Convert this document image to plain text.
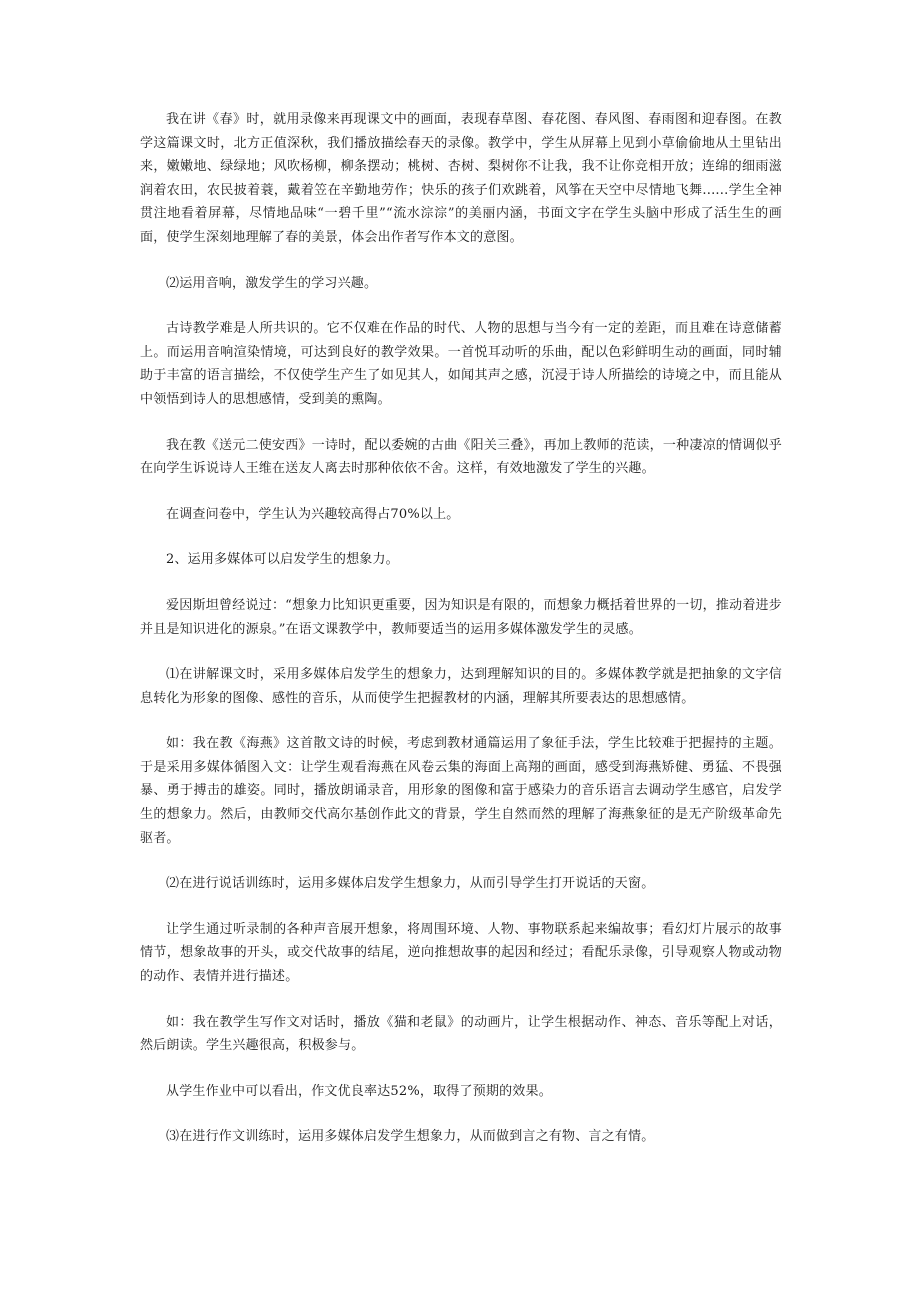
我在讲《春》时，就用录像来再现课文中的画面，表现春草图、春花图、春风图、春雨图和迎春图。在教学这篇课文时，北方正值深秋，我们播放描绘春天的录像。教学中，学生从屏幕上见到小草偷偷地从土里钻出来，嫩嫩地、绿绿地；风吹杨柳，柳条摆动；桃树、杏树、梨树你不让我，我不让你竞相开放；连绵的细雨滋润着农田，农民披着蓑，戴着笠在辛勤地劳作；快乐的孩子们欢跳着，风筝在天空中尽情地飞舞......学生全神贯注地看着屏幕，尽情地品味“一碧千里”“流水淙淙”的美丽内涵，书面文字在学生头脑中形成了活生生的画面，使学生深刻地理解了春的美景，体会出作者写作本文的意图。

⑵运用音响，激发学生的学习兴趣。

古诗教学难是人所共识的。它不仅难在作品的时代、人物的思想与当今有一定的差距，而且难在诗意储蓄上。而运用音响渲染情境，可达到良好的教学效果。一首悦耳动听的乐曲，配以色彩鲜明生动的画面，同时辅助于丰富的语言描绘，不仅使学生产生了如见其人，如闻其声之感，沉浸于诗人所描绘的诗境之中，而且能从中领悟到诗人的思想感情，受到美的熏陶。

我在教《送元二使安西》一诗时，配以委婉的古曲《阳关三叠》，再加上教师的范读，一种凄凉的情调似乎在向学生诉说诗人王维在送友人离去时那种依依不舍。这样，有效地激发了学生的兴趣。

在调查问卷中，学生认为兴趣较高得占70%以上。

2、运用多媒体可以启发学生的想象力。

爱因斯坦曾经说过：“想象力比知识更重要，因为知识是有限的，而想象力概括着世界的一切，推动着进步并且是知识进化的源泉。”在语文课教学中，教师要适当的运用多媒体激发学生的灵感。

⑴在讲解课文时，采用多媒体启发学生的想象力，达到理解知识的目的。多媒体教学就是把抽象的文字信息转化为形象的图像、感性的音乐，从而使学生把握教材的内涵，理解其所要表达的思想感情。

如：我在教《海燕》这首散文诗的时候，考虑到教材通篇运用了象征手法，学生比较难于把握持的主题。于是采用多媒体循图入文：让学生观看海燕在风卷云集的海面上高翔的画面，感受到海燕矫健、勇猛、不畏强暴、勇于搏击的雄姿。同时，播放朗诵录音，用形象的图像和富于感染力的音乐语言去调动学生感官，启发学生的想象力。然后，由教师交代高尔基创作此文的背景，学生自然而然的理解了海燕象征的是无产阶级革命先驱者。

⑵在进行说话训练时，运用多媒体启发学生想象力，从而引导学生打开说话的天窗。

让学生通过听录制的各种声音展开想象，将周围环境、人物、事物联系起来编故事；看幻灯片展示的故事情节，想象故事的开头，或交代故事的结尾，逆向推想故事的起因和经过；看配乐录像，引导观察人物或动物的动作、表情并进行描述。

如：我在教学生写作文对话时，播放《猫和老鼠》的动画片，让学生根据动作、神态、音乐等配上对话，然后朗读。学生兴趣很高，积极参与。

从学生作业中可以看出，作文优良率达52%，取得了预期的效果。

⑶在进行作文训练时，运用多媒体启发学生想象力，从而做到言之有物、言之有情。
